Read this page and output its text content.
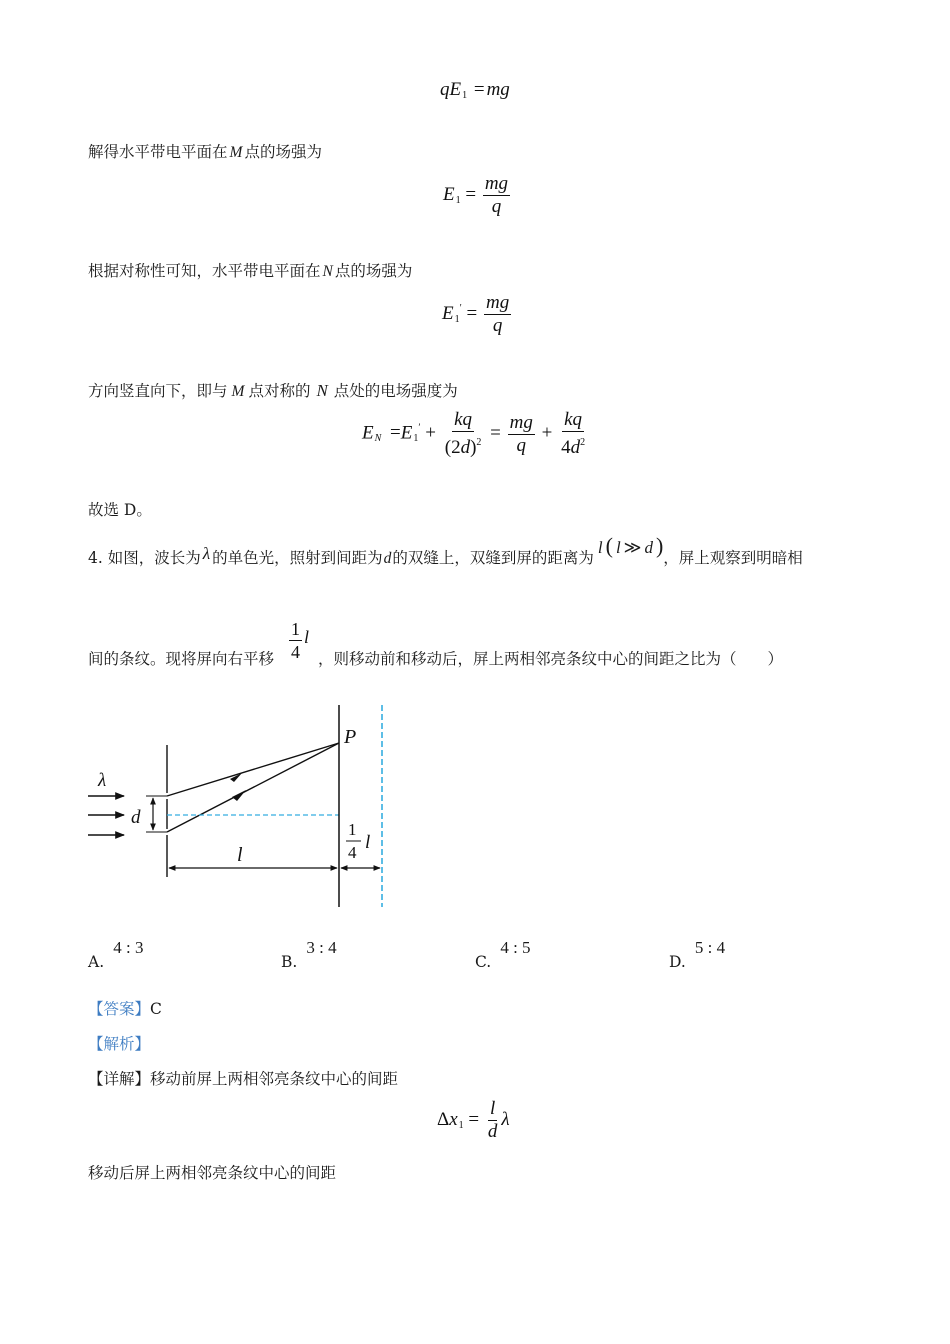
$qE_1$ = mg
解得水平带电平面在 M 点的场强为
$E_1 = \frac{mg}{q}$
根据对称性可知，水平带电平面在 N 点的场强为
$E_1' = \frac{mg}{q}$
方向竖直向下，即与 M 点对称的 N 点处的电场强度为
$E_N =E_1' + \frac{kq}{(2d)^2} = \frac{mg}{q} + \frac{kq}{4d^2}$
故选 D。
4. 如图，波长为 λ 的单色光，照射到间距为d的双缝上，双缝到屏的距离为l ( l ≫ d )，屏上观察到明暗相
间的条纹。现将屏向右平移 $\frac{1}{4}$ l
，则移动前和移动后，屏上两相邻亮条纹中心的间距之比为（　　）
λ
d
P
l
1
4 l
A. 4 : 3
B. 3 : 4
C. 4 : 5
D. 5 : 4
【答案】C
【解析】
【详解】移动前屏上两相邻亮条纹中心的间距
$\Delta x_1 = \frac{l}{d}$ λ
移动后屏上两相邻亮条纹中心的间距
